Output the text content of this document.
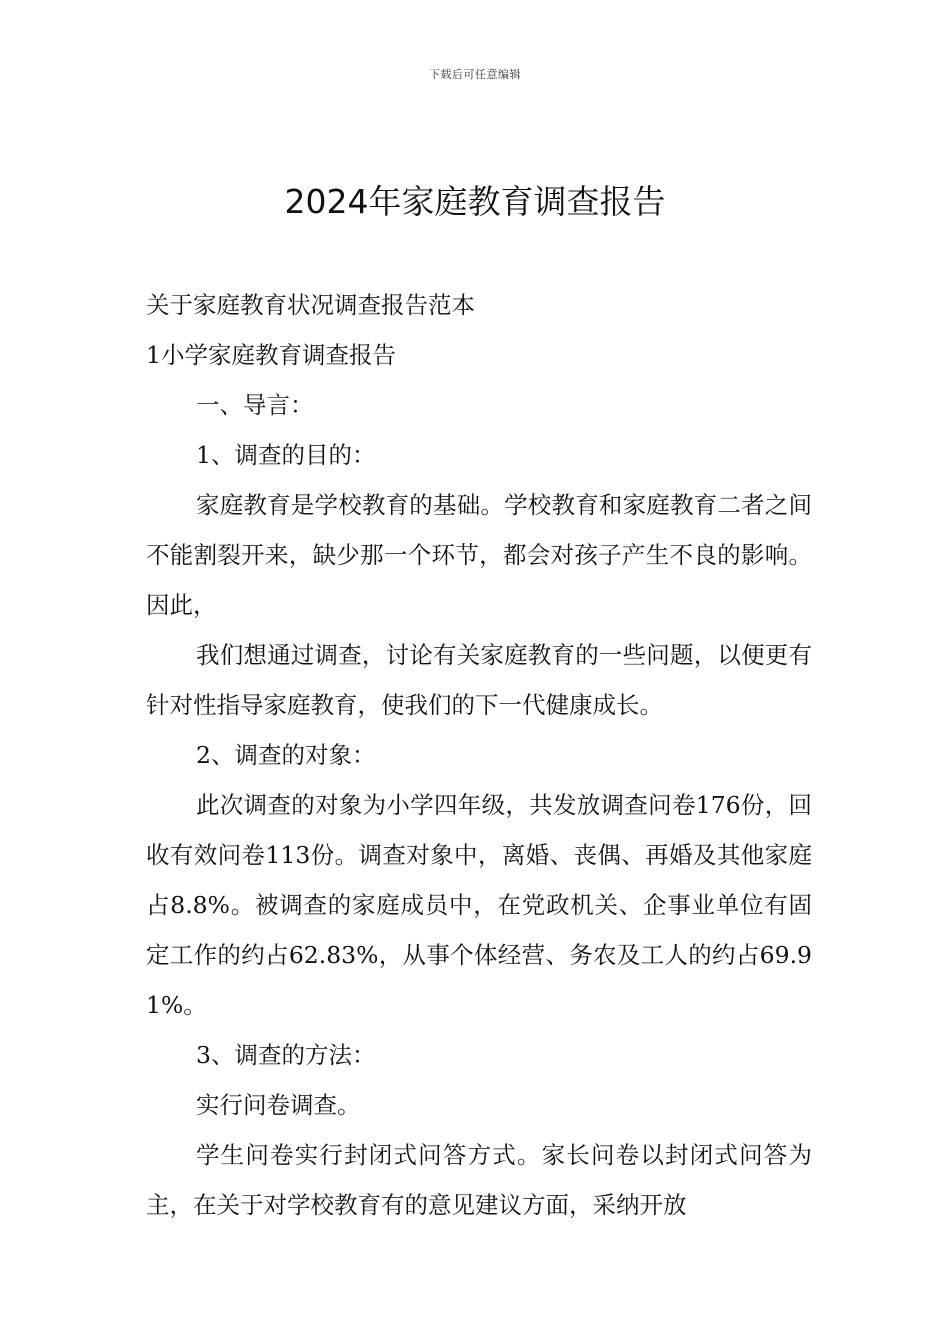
下载后可任意编辑
2024年家庭教育调查报告

关于家庭教育状况调查报告范本

1小学家庭教育调查报告

一、导言：

1、调查的目的：

家庭教育是学校教育的基础。学校教育和家庭教育二者之间不能割裂开来，缺少那一个环节，都会对孩子产生不良的影响。因此，

我们想通过调查，讨论有关家庭教育的一些问题，以便更有针对性指导家庭教育，使我们的下一代健康成长。

2、调查的对象：

此次调查的对象为小学四年级，共发放调查问卷176份，回收有效问卷113份。调查对象中，离婚、丧偶、再婚及其他家庭占8.8%。被调查的家庭成员中，在党政机关、企事业单位有固定工作的约占62.83%，从事个体经营、务农及工人的约占69.91%。

3、调查的方法：

实行问卷调查。

学生问卷实行封闭式问答方式。家长问卷以封闭式问答为主，在关于对学校教育有的意见建议方面，采纳开放
